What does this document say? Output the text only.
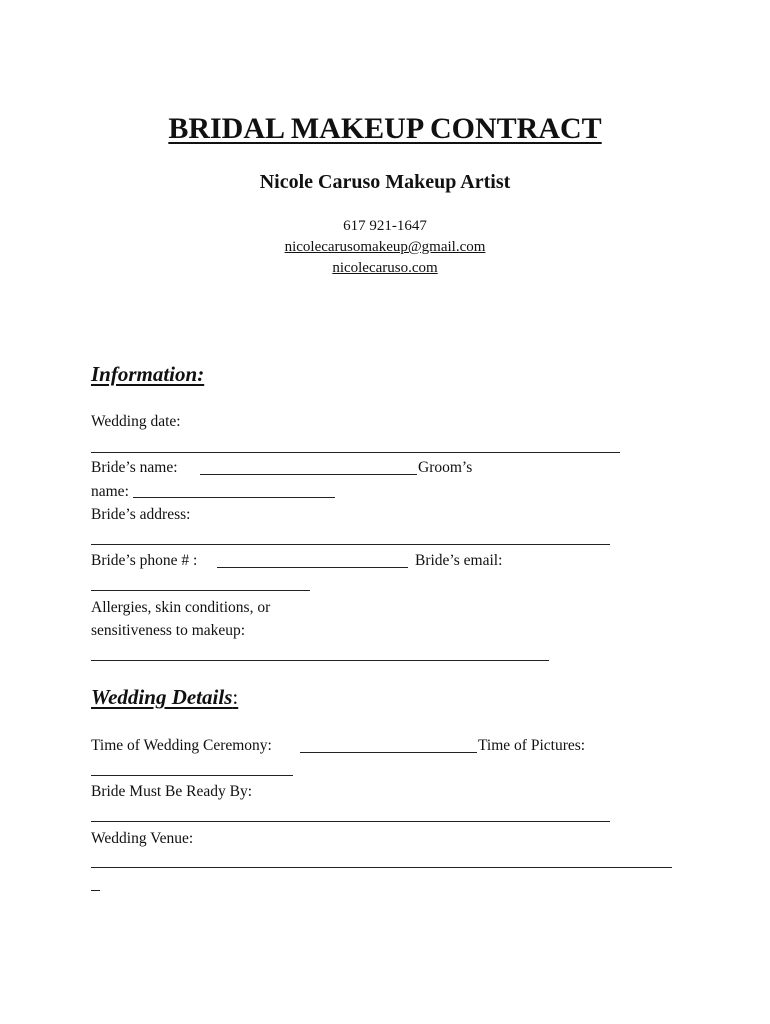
BRIDAL MAKEUP CONTRACT
Nicole Caruso Makeup Artist
617 921-1647
nicolecarusomakeup@gmail.com
nicolecaruso.com
Information:
Wedding date:
Bride’s name:	Groom’s
name:
Bride’s address:
Bride’s phone # :	Bride’s email:
Allergies, skin conditions, or
sensitiveness to makeup:
Wedding Details:
Time of Wedding Ceremony:	Time of Pictures:
Bride Must Be Ready By:
Wedding Venue:
